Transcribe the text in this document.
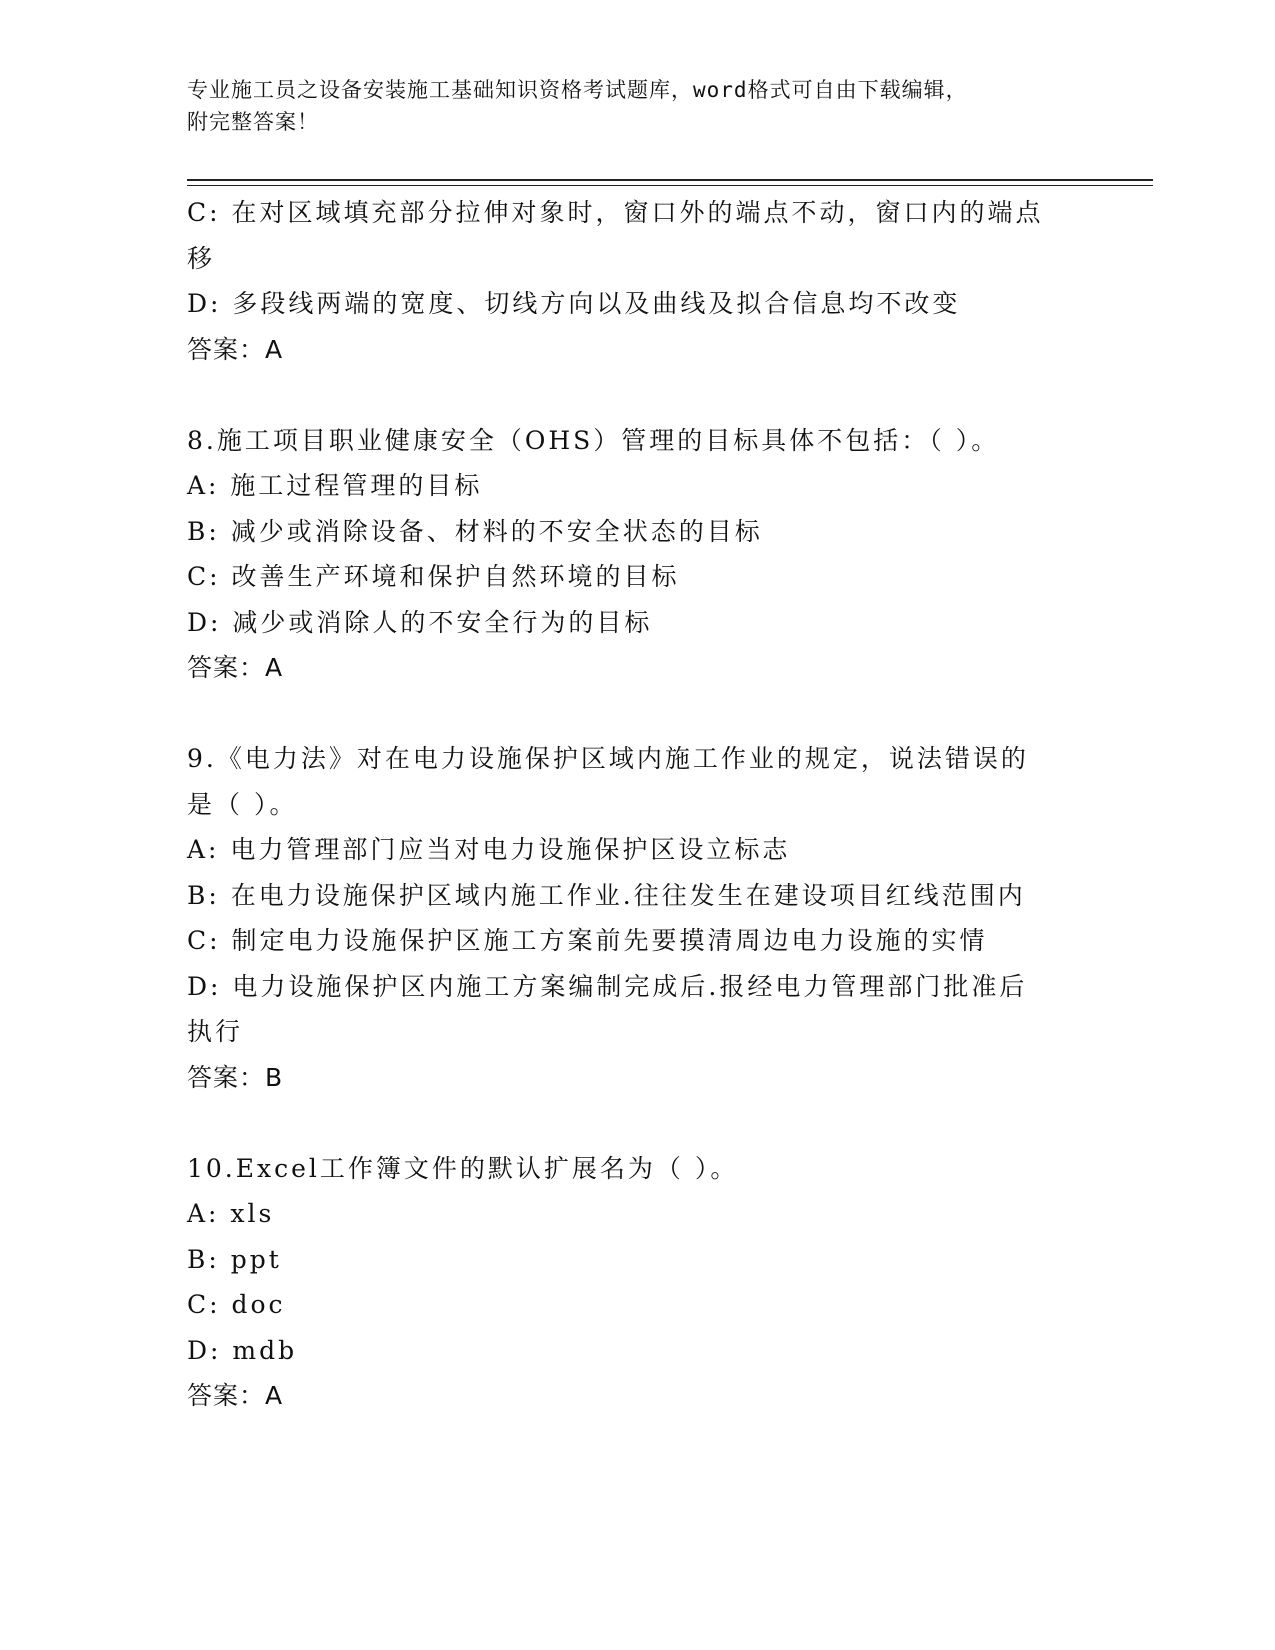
专业施工员之设备安装施工基础知识资格考试题库，word格式可自由下载编辑，
附完整答案！
C: 在对区域填充部分拉伸对象时，窗口外的端点不动，窗口内的端点
移
D: 多段线两端的宽度、切线方向以及曲线及拟合信息均不改变
答案：A
8.施工项目职业健康安全（OHS）管理的目标具体不包括：（ ）。
A: 施工过程管理的目标
B: 减少或消除设备、材料的不安全状态的目标
C: 改善生产环境和保护自然环境的目标
D: 减少或消除人的不安全行为的目标
答案：A
9.《电力法》对在电力设施保护区域内施工作业的规定，说法错误的
是（ ）。
A: 电力管理部门应当对电力设施保护区设立标志
B: 在电力设施保护区域内施工作业.往往发生在建设项目红线范围内
C: 制定电力设施保护区施工方案前先要摸清周边电力设施的实情
D: 电力设施保护区内施工方案编制完成后.报经电力管理部门批准后
执行
答案：B
10.Excel工作簿文件的默认扩展名为（ ）。
A: xls
B: ppt
C: doc
D: mdb
答案：A
